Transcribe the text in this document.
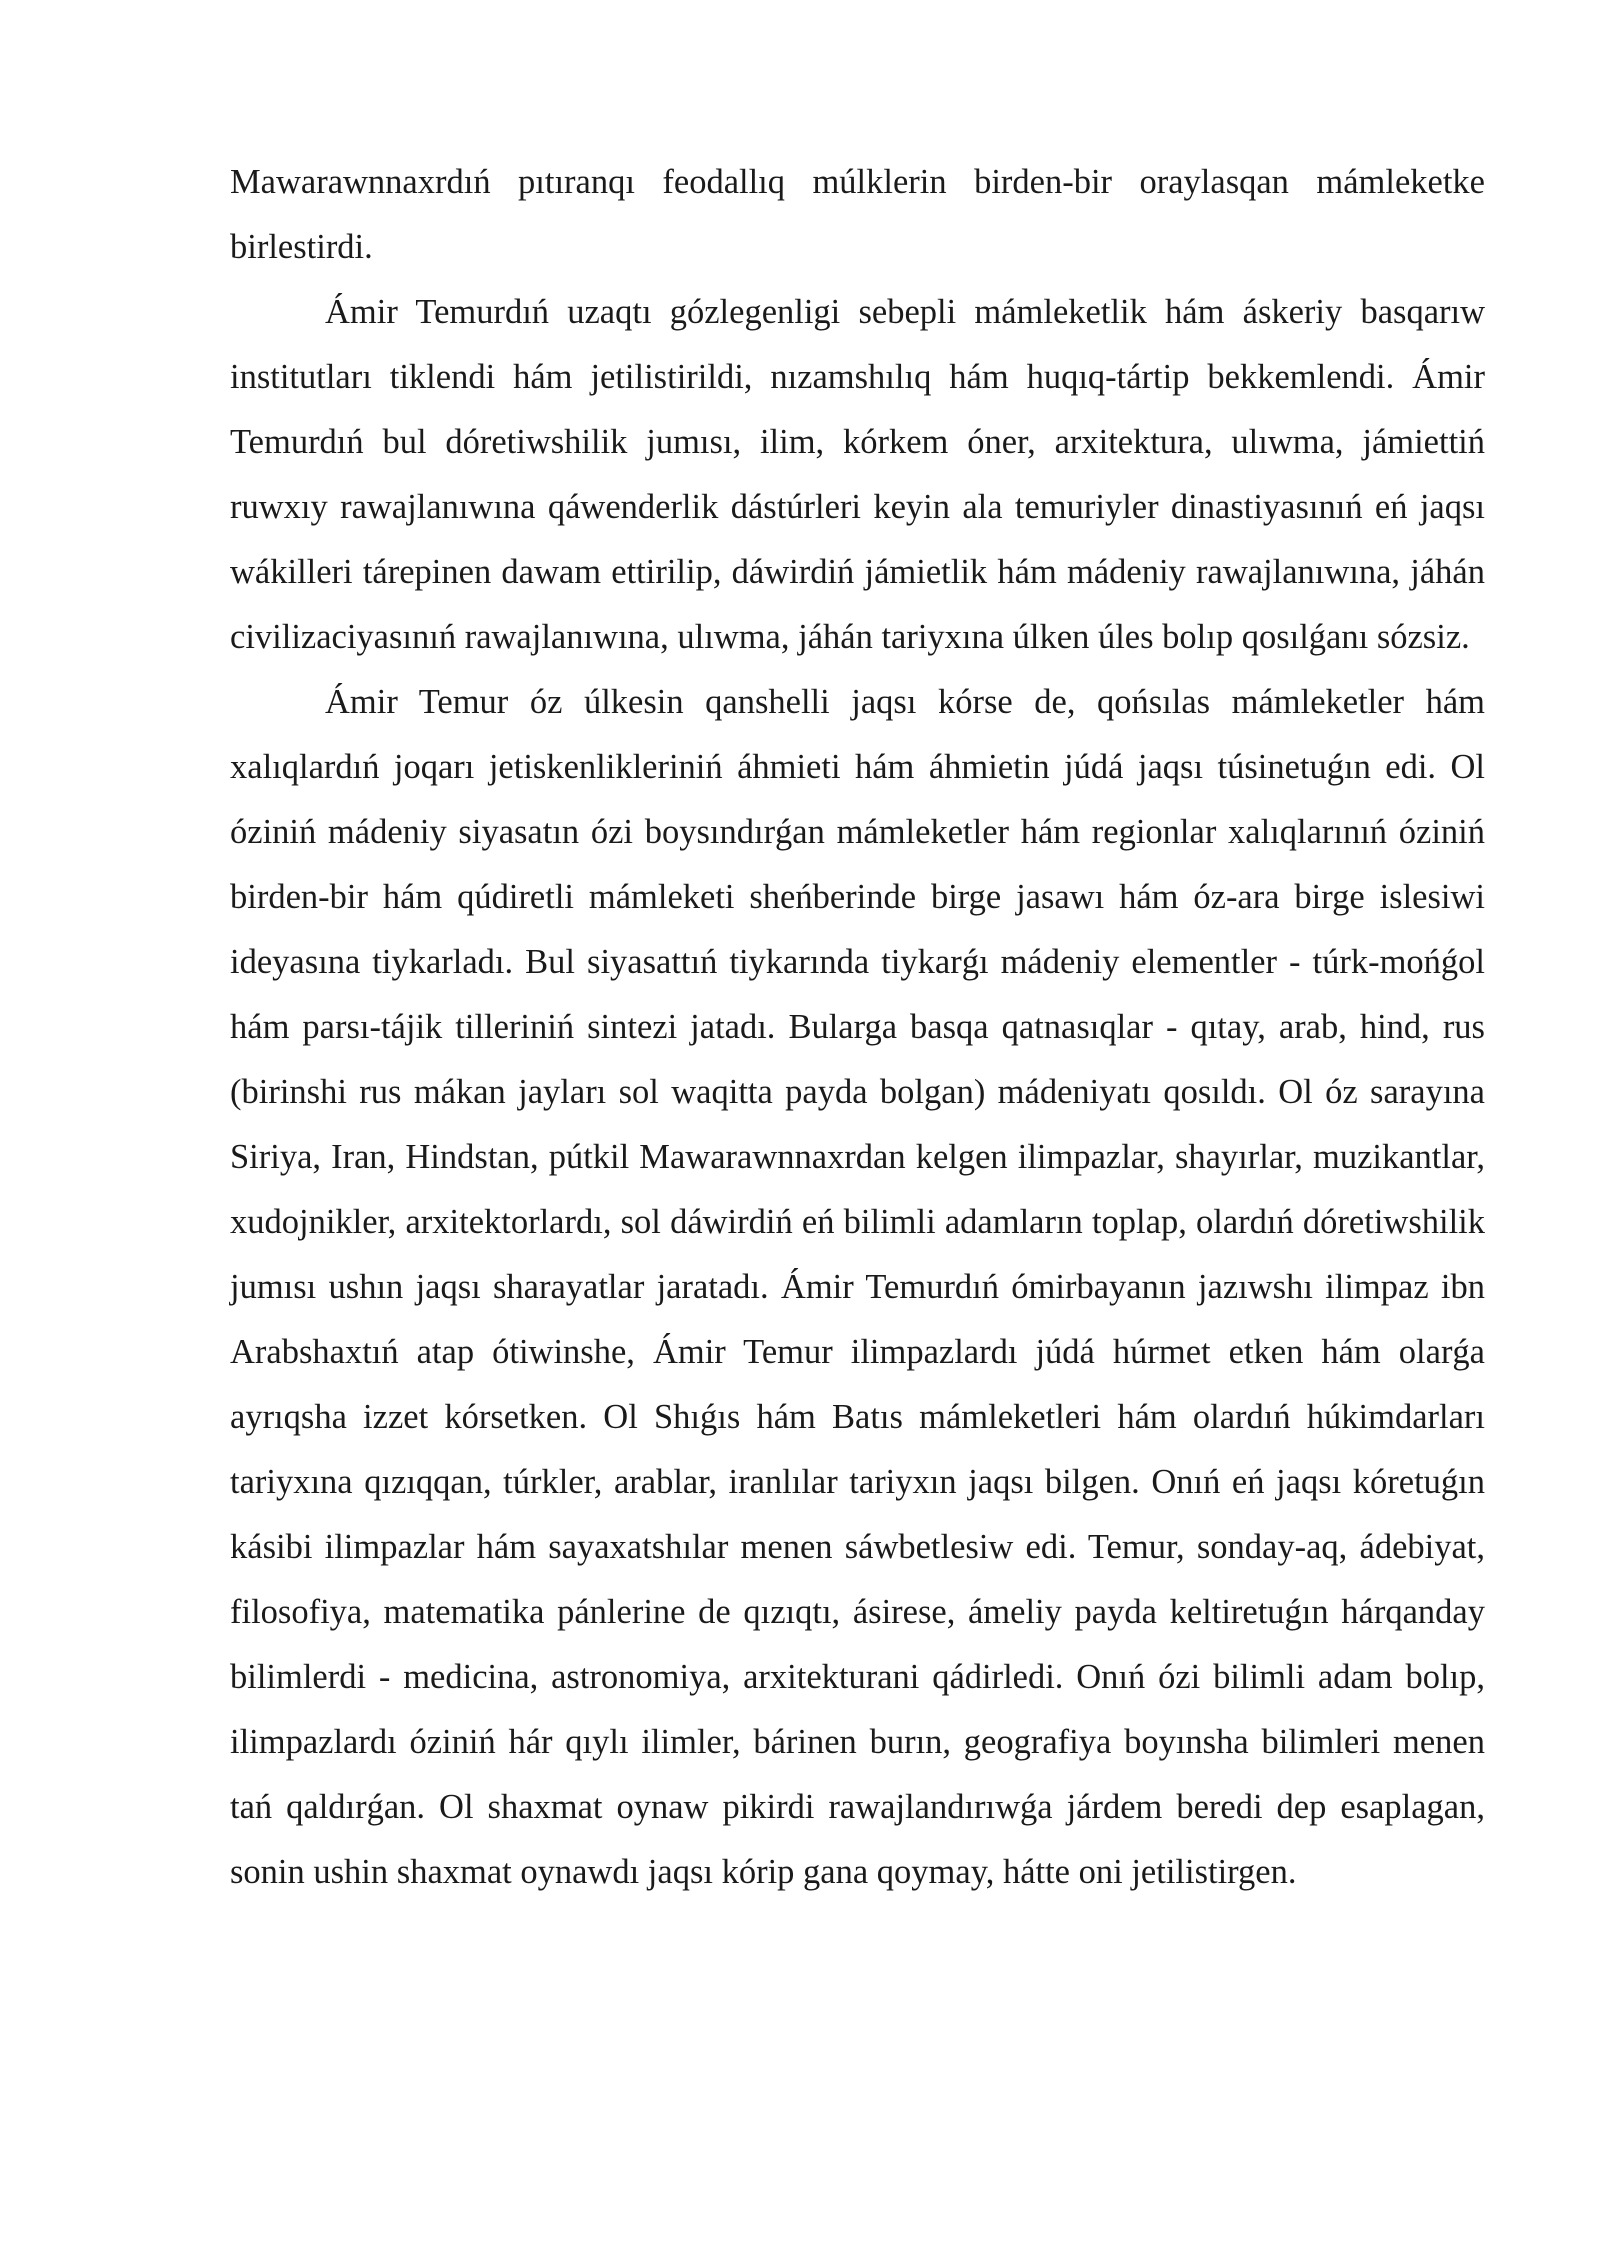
Mawarawnnaxrdıń pıtıranqı feodallıq múlklerin birden-bir oraylasqan mámleketke birlestirdi.

Ámir Temurdıń uzaqtı gózlegenligi sebepli mámleketlik hám áskeriy basqarıw institutları tiklendi hám jetilistirildi, nızamshılıq hám huqıq-tártip bekkemlendi. Ámir Temurdıń bul dóretiwshilik jumısı, ilim, kórkem óner, arxitektura, ulıwma, jámiettiń ruwxıy rawajlanıwına qáwenderlik dástúrleri keyin ala temuriyler dinastiyasınıń eń jaqsı wákilleri tárepinen dawam ettirilip, dáwirdiń jámietlik hám mádeniy rawajlanıwına, jáhán civilizaciyasınıń rawajlanıwına, ulıwma, jáhán tariyxına úlken úles bolıp qosılǵanı sózsiz.

Ámir Temur óz úlkesin qanshelli jaqsı kórse de, qońsılas mámleketler hám xalıqlardıń joqarı jetiskenlikleriniń áhmieti hám áhmietin júdá jaqsı túsinetuǵın edi. Ol óziniń mádeniy siyasatın ózi boysındırǵan mámleketler hám regionlar xalıqlarınıń óziniń birden-bir hám qúdiretli mámleketi sheńberinde birge jasawı hám óz-ara birge islesiwi ideyasına tiykarladı. Bul siyasattıń tiykarında tiykarǵı mádeniy elementler - túrk-mońǵol hám parsı-tájik tilleriniń sintezi jatadı. Bularga basqa qatnasıqlar - qıtay, arab, hind, rus (birinshi rus mákan jayları sol waqitta payda bolgan) mádeniyatı qosıldı. Ol óz sarayına Siriya, Iran, Hindstan, pútkil Mawarawnnaxrdan kelgen ilimpazlar, shayırlar, muzikantlar, xudojnikler, arxitektorlardı, sol dáwirdiń eń bilimli adamların toplap, olardıń dóretiwshilik jumısı ushın jaqsı sharayatlar jaratadı. Ámir Temurdıń ómirbayanın jazıwshı ilimpaz ibn Arabshaxtıń atap ótiwinshe, Ámir Temur ilimpazlardı júdá húrmet etken hám olarǵa ayrıqsha izzet kórsetken. Ol Shıǵıs hám Batıs mámleketleri hám olardıń húkimdarları tariyxına qızıqqan, túrkler, arablar, iranlılar tariyxın jaqsı bilgen. Onıń eń jaqsı kóretuǵın kásibi ilimpazlar hám sayaxatshılar menen sáwbetlesiw edi. Temur, sonday-aq, ádebiyat, filosofiya, matematika pánlerine de qızıqtı, ásirese, ámeliy payda keltiretuǵın hárqanday bilimlerdi - medicina, astronomiya, arxitekturani qádirledi. Onıń ózi bilimli adam bolıp, ilimpazlardı óziniń hár qıylı ilimler, bárinen burın, geografiya boyınsha bilimleri menen tań qaldırǵan. Ol shaxmat oynaw pikirdi rawajlandırıwǵa járdem beredi dep esaplagan, sonin ushin shaxmat oynawdı jaqsı kórip gana qoymay, hátte oni jetilistirgen.
